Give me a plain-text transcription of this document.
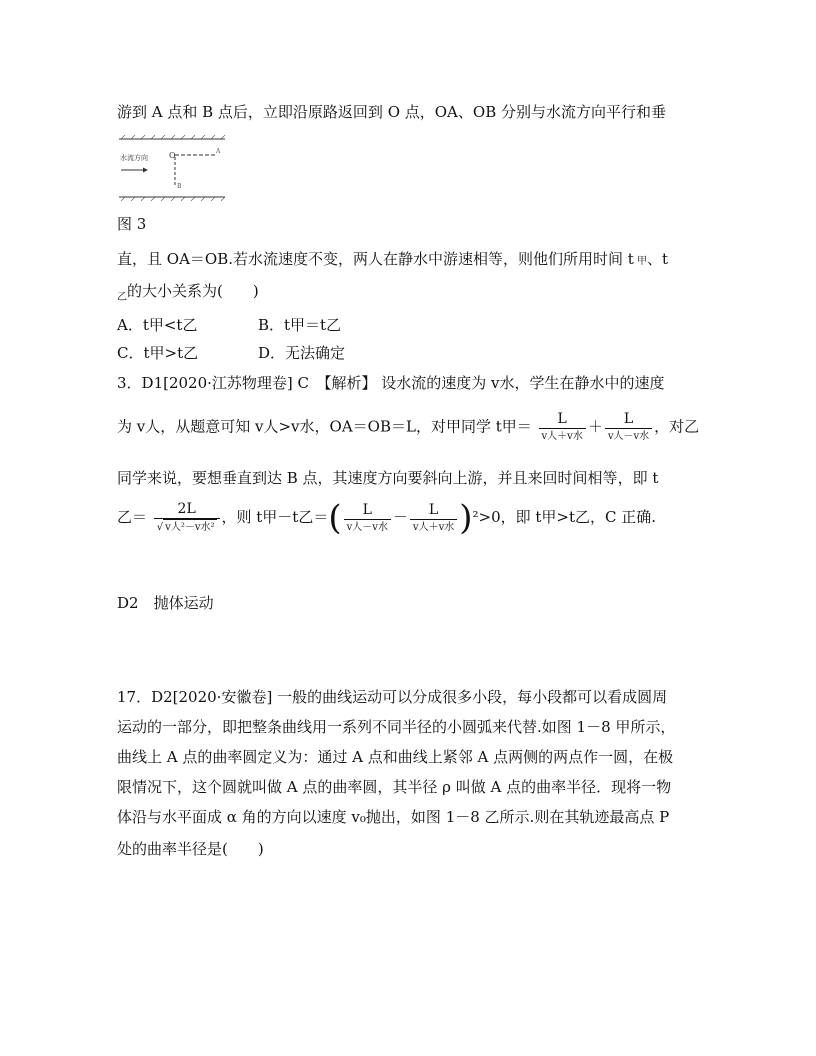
游到 A 点和 B 点后，立即沿原路返回到 O 点，OA、OB 分别与水流方向平行和垂
水流方向	O	A
B
图 3
直，且 OA＝OB.若水流速度不变，两人在静水中游速相等，则他们所用时间 t 甲、t
$_乙$的大小关系为(　　)
A．t甲<t乙	B．t甲＝t乙
C．t甲>t乙	D．无法确定
3．D1[2020·江苏物理卷] C　【解析】 设水流的速度为 v水，学生在静水中的速度
为 v人，从题意可知 v人>v水，OA＝OB＝L，对甲同学 t甲＝ $\frac{L}{\text{v人＋v水}} + \frac{L}{\text{v人－v水}}$ ，对乙
同学来说，要想垂直到达 B 点，其速度方向要斜向上游，并且来回时间相等，即 t
乙＝ $\frac{2L}{\text{√ v人²－v水²}}$ ，则 t甲－t乙＝( $\frac{L}{\text{v人－v水}} - \frac{L}{\text{v人＋v水}} )^2>0$，即 t甲>t乙，C 正确.
D2　抛体运动
17．D2[2020·安徽卷] 一般的曲线运动可以分成很多小段，每小段都可以看成圆周
运动的一部分，即把整条曲线用一系列不同半径的小圆弧来代替.如图 1－8 甲所示，
曲线上 A 点的曲率圆定义为：通过 A 点和曲线上紧邻 A 点两侧的两点作一圆，在极
限情况下，这个圆就叫做 A 点的曲率圆，其半径 ρ 叫做 A 点的曲率半径．现将一物
体沿与水平面成 α 角的方向以速度 v₀抛出，如图 1－8 乙所示.则在其轨迹最高点 P
处的曲率半径是(　　)
